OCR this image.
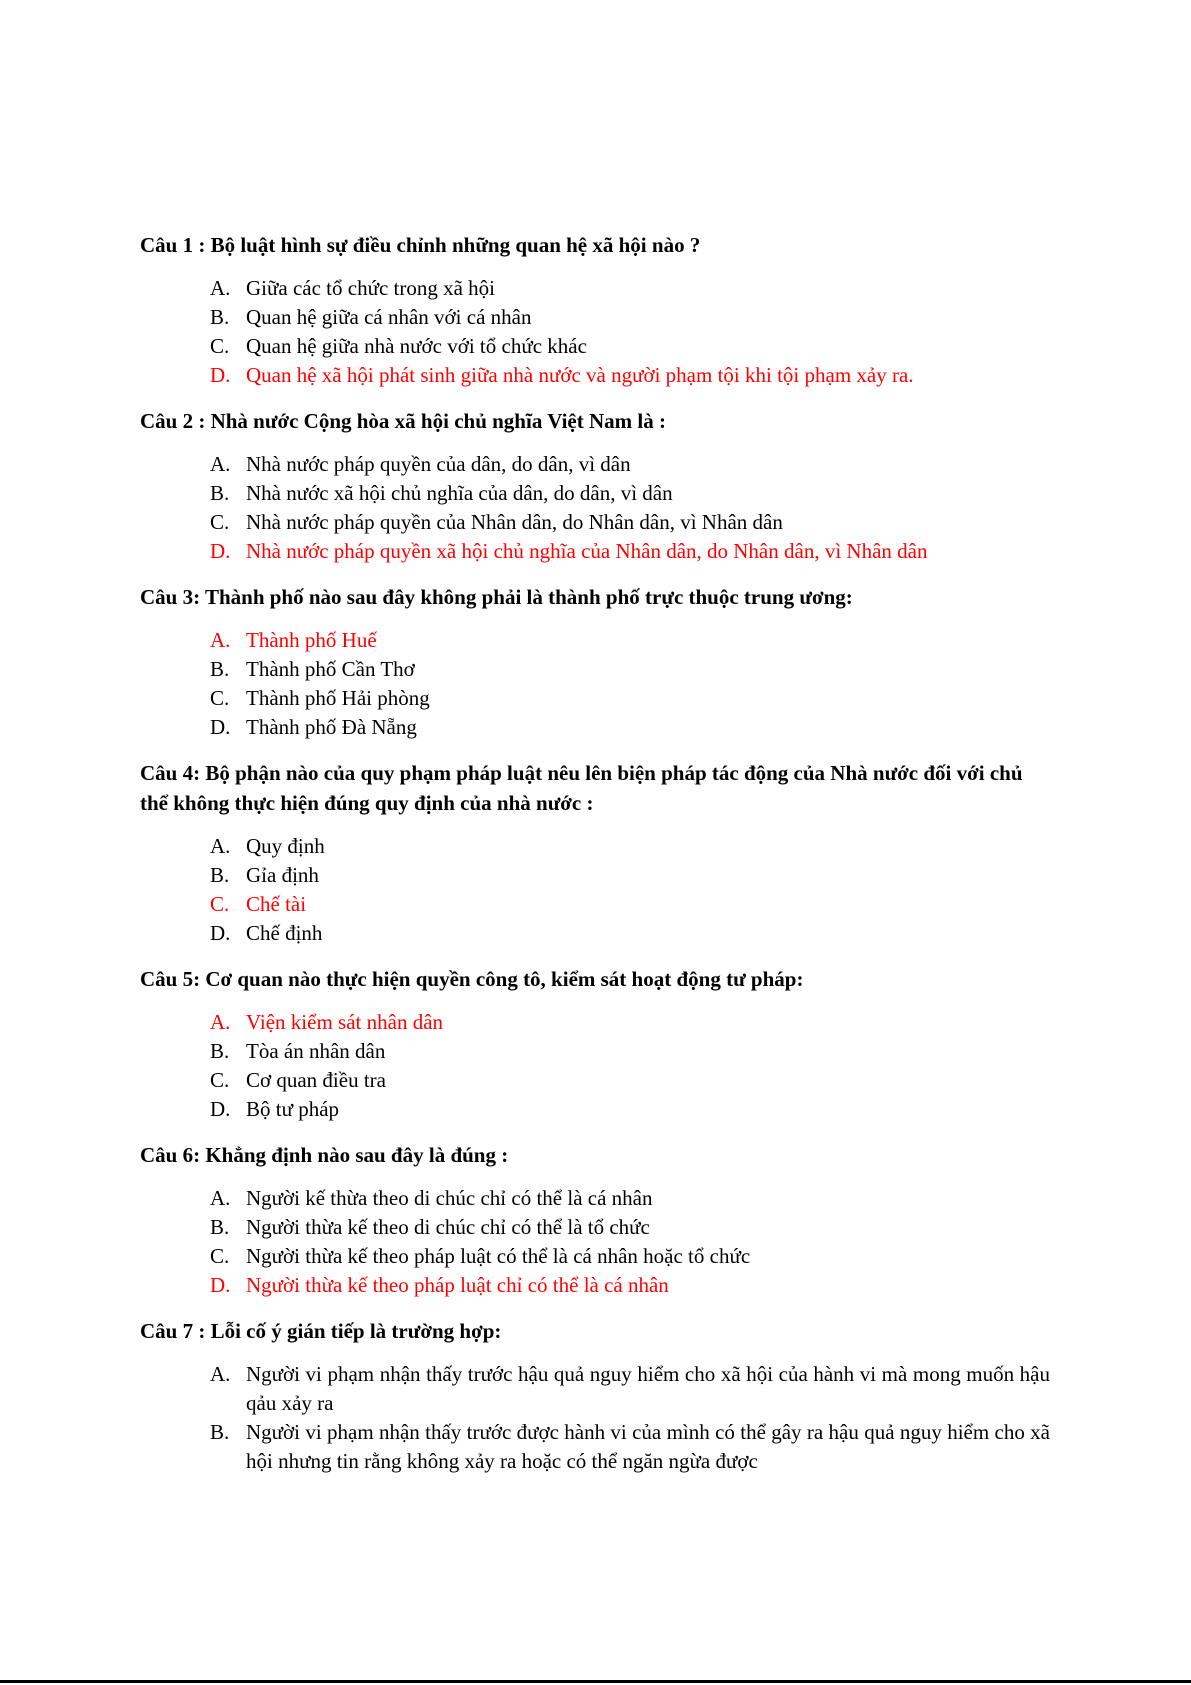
Câu 1 : Bộ luật hình sự điều chỉnh những quan hệ xã hội nào ?
A. Giữa các tổ chức trong xã hội
B. Quan hệ giữa cá nhân với cá nhân
C. Quan hệ giữa nhà nước với tổ chức khác
D. Quan hệ xã hội phát sinh giữa nhà nước và người phạm tội khi tội phạm xảy ra.
Câu 2 : Nhà nước Cộng hòa xã hội chủ nghĩa Việt Nam là :
A. Nhà nước pháp quyền của dân, do dân, vì dân
B. Nhà nước xã hội chủ nghĩa của dân, do dân, vì dân
C. Nhà nước pháp quyền của Nhân dân, do Nhân dân, vì Nhân dân
D. Nhà nước pháp quyền xã hội chủ nghĩa của Nhân dân, do Nhân dân, vì Nhân dân
Câu 3: Thành phố nào sau đây không phải là thành phố trực thuộc trung ương:
A. Thành phố Huế
B. Thành phố Cần Thơ
C. Thành phố Hải phòng
D. Thành phố Đà Nẵng
Câu 4: Bộ phận nào của quy phạm pháp luật nêu lên biện pháp tác động của Nhà nước đối với chủ thể không thực hiện đúng quy định của nhà nước :
A. Quy định
B. Gỉa định
C. Chế tài
D. Chế định
Câu 5: Cơ quan nào thực hiện quyền công tô, kiểm sát hoạt động tư pháp:
A. Viện kiểm sát nhân dân
B. Tòa án nhân dân
C. Cơ quan điều tra
D. Bộ tư pháp
Câu 6: Khẳng định nào sau đây là đúng :
A. Người kế thừa theo di chúc chỉ có thể là cá nhân
B. Người thừa kế theo di chúc chỉ có thể là tổ chức
C. Người thừa kế theo pháp luật có thể là cá nhân hoặc tổ chức
D. Người thừa kế theo pháp luật chỉ có thể là cá nhân
Câu 7 : Lỗi cố ý gián tiếp là trường hợp:
A. Người vi phạm nhận thấy trước hậu quả nguy hiểm cho xã hội của hành vi mà mong muốn hậu qảu xảy ra
B. Người vi phạm nhận thấy trước được hành vi của mình có thể gây ra hậu quả nguy hiểm cho xã hội nhưng tin rằng không xảy ra hoặc có thể ngăn ngừa được
